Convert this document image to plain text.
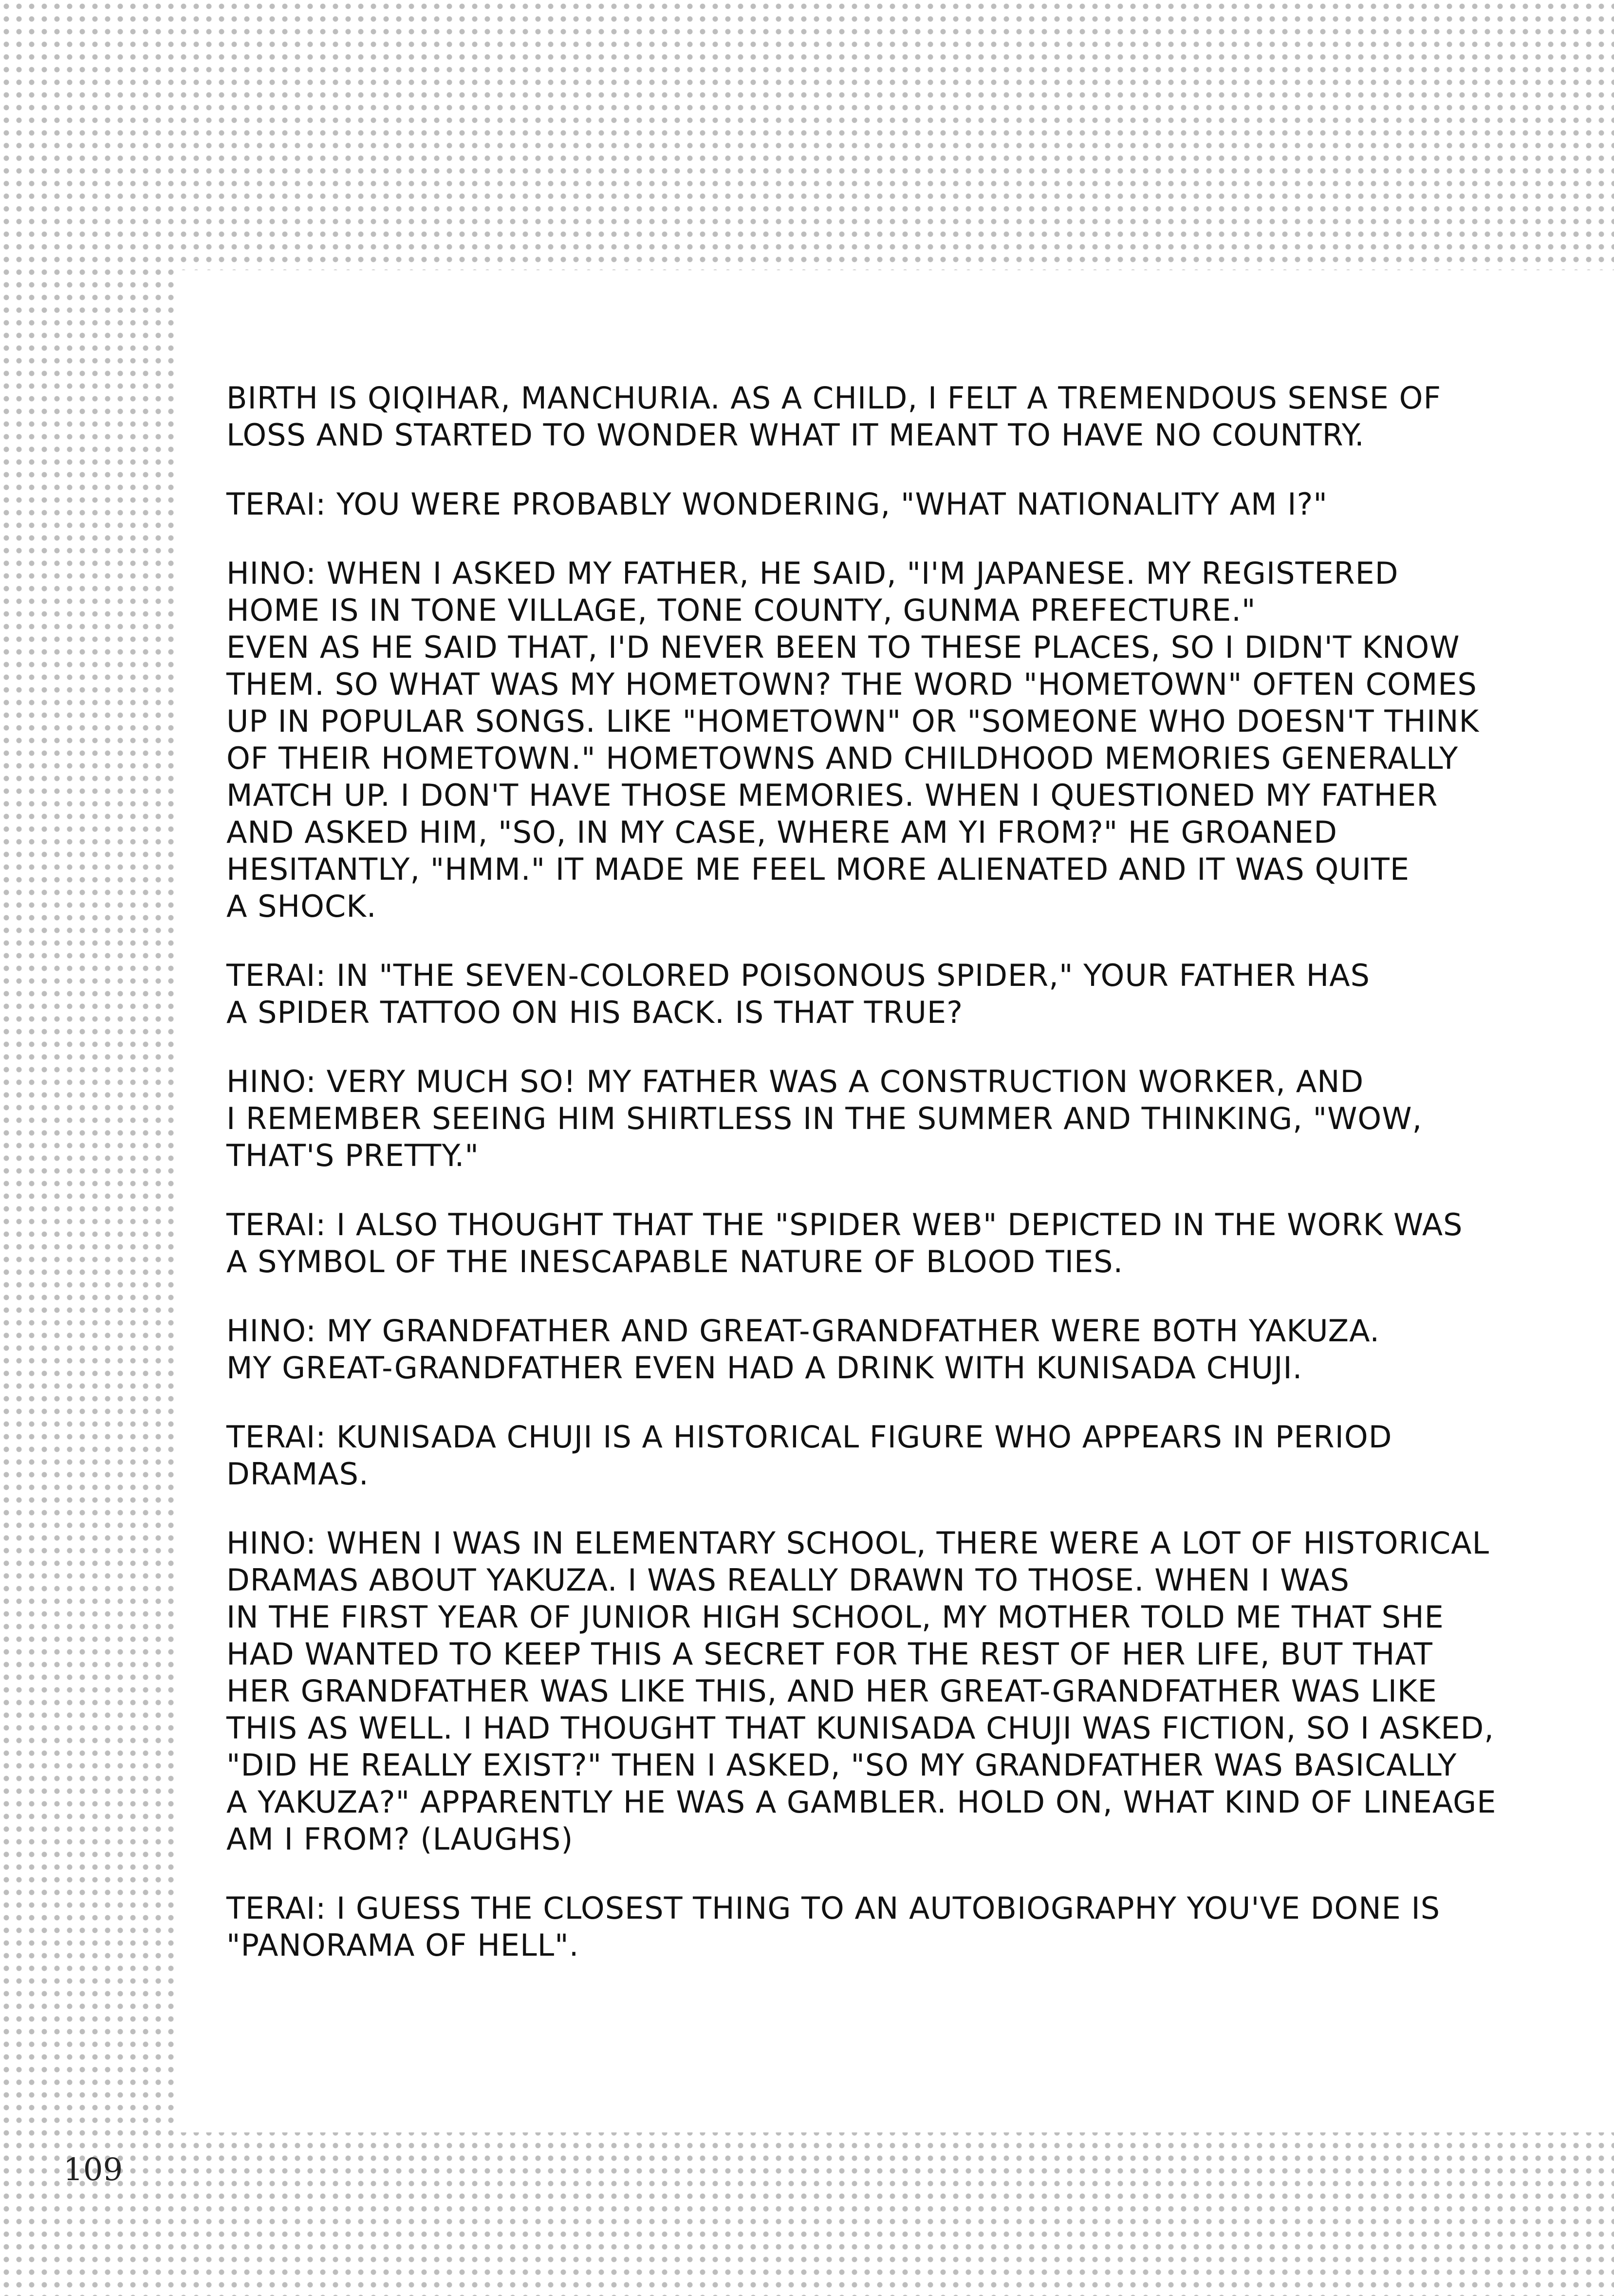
BIRTH IS QIQIHAR, MANCHURIA. AS A CHILD, I FELT A TREMENDOUS SENSE OF
LOSS AND STARTED TO WONDER WHAT IT MEANT TO HAVE NO COUNTRY.

TERAI: YOU WERE PROBABLY WONDERING, "WHAT NATIONALITY AM I?"

HINO: WHEN I ASKED MY FATHER, HE SAID, "I'M JAPANESE. MY REGISTERED
HOME IS IN TONE VILLAGE, TONE COUNTY, GUNMA PREFECTURE."
EVEN AS HE SAID THAT, I'D NEVER BEEN TO THESE PLACES, SO I DIDN'T KNOW
THEM. SO WHAT WAS MY HOMETOWN? THE WORD "HOMETOWN" OFTEN COMES
UP IN POPULAR SONGS. LIKE "HOMETOWN" OR "SOMEONE WHO DOESN'T THINK
OF THEIR HOMETOWN." HOMETOWNS AND CHILDHOOD MEMORIES GENERALLY
MATCH UP. I DON'T HAVE THOSE MEMORIES. WHEN I QUESTIONED MY FATHER
AND ASKED HIM, "SO, IN MY CASE, WHERE AM YI FROM?" HE GROANED
HESITANTLY, "HMM." IT MADE ME FEEL MORE ALIENATED AND IT WAS QUITE
A SHOCK.

TERAI: IN "THE SEVEN-COLORED POISONOUS SPIDER," YOUR FATHER HAS
A SPIDER TATTOO ON HIS BACK. IS THAT TRUE?

HINO: VERY MUCH SO! MY FATHER WAS A CONSTRUCTION WORKER, AND
I REMEMBER SEEING HIM SHIRTLESS IN THE SUMMER AND THINKING, "WOW,
THAT'S PRETTY."

TERAI: I ALSO THOUGHT THAT THE "SPIDER WEB" DEPICTED IN THE WORK WAS
A SYMBOL OF THE INESCAPABLE NATURE OF BLOOD TIES.

HINO: MY GRANDFATHER AND GREAT-GRANDFATHER WERE BOTH YAKUZA.
MY GREAT-GRANDFATHER EVEN HAD A DRINK WITH KUNISADA CHUJI.

TERAI: KUNISADA CHUJI IS A HISTORICAL FIGURE WHO APPEARS IN PERIOD
DRAMAS.

HINO: WHEN I WAS IN ELEMENTARY SCHOOL, THERE WERE A LOT OF HISTORICAL
DRAMAS ABOUT YAKUZA. I WAS REALLY DRAWN TO THOSE. WHEN I WAS
IN THE FIRST YEAR OF JUNIOR HIGH SCHOOL, MY MOTHER TOLD ME THAT SHE
HAD WANTED TO KEEP THIS A SECRET FOR THE REST OF HER LIFE, BUT THAT
HER GRANDFATHER WAS LIKE THIS, AND HER GREAT-GRANDFATHER WAS LIKE
THIS AS WELL. I HAD THOUGHT THAT KUNISADA CHUJI WAS FICTION, SO I ASKED,
"DID HE REALLY EXIST?" THEN I ASKED, "SO MY GRANDFATHER WAS BASICALLY
A YAKUZA?" APPARENTLY HE WAS A GAMBLER. HOLD ON, WHAT KIND OF LINEAGE
AM I FROM? (LAUGHS)

TERAI: I GUESS THE CLOSEST THING TO AN AUTOBIOGRAPHY YOU'VE DONE IS
"PANORAMA OF HELL".

109
